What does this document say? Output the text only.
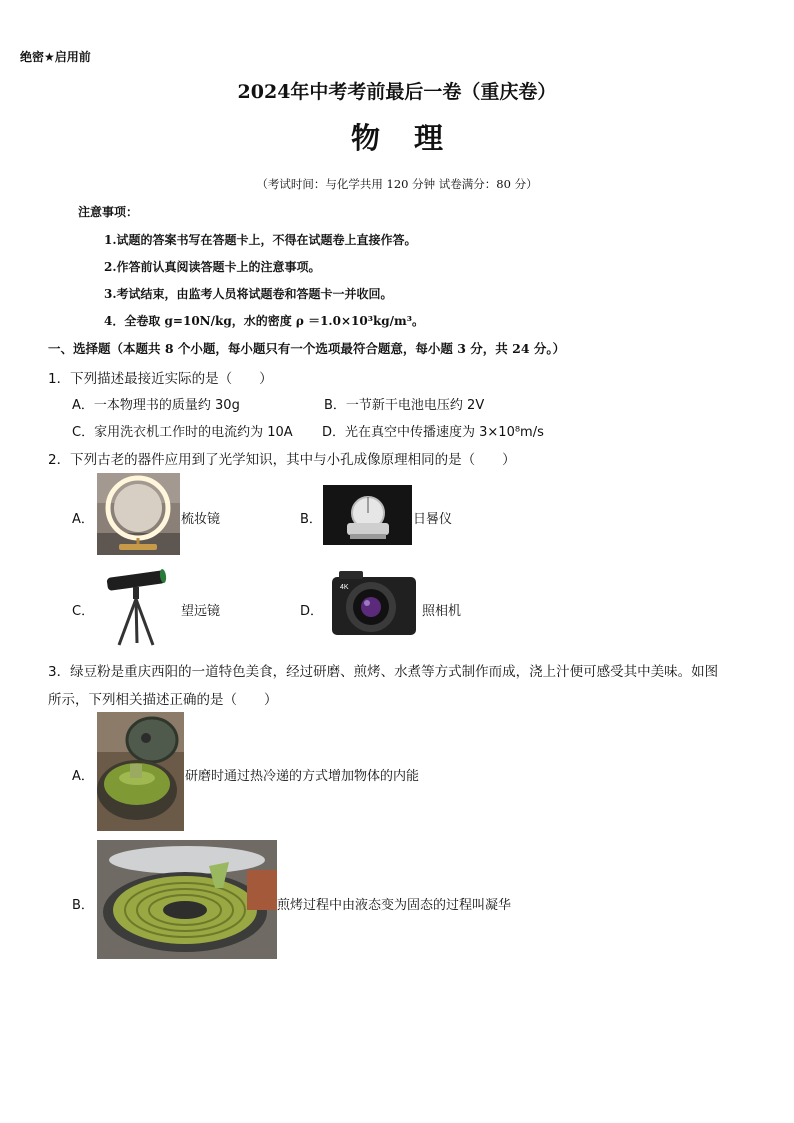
绝密★启用前
2024年中考考前最后一卷（重庆卷）
物理
（考试时间：与化学共用 120 分钟 试卷满分：80 分）
注意事项：
1.试题的答案书写在答题卡上，不得在试题卷上直接作答。
2.作答前认真阅读答题卡上的注意事项。
3.考试结束，由监考人员将试题卷和答题卡一并收回。
4．全卷取 g=10N/kg，水的密度 ρ ＝1.0×10³kg/m³。
一、选择题（本题共 8 个小题，每小题只有一个选项最符合题意，每小题 3 分，共 24 分。）
1．下列描述最接近实际的是（　　）
A．一本物理书的质量约 30g	B．一节新干电池电压约 2V
C．家用洗衣机工作时的电流约为 10A D．光在真空中传播速度为 3×10⁸m/s
2．下列古老的器件应用到了光学知识，其中与小孔成像原理相同的是（　　）
A．	梳妆镜	B．	日晷仪
C．	望远镜	D．
4K
照相机
3．绿豆粉是重庆西阳的一道特色美食，经过研磨、煎烤、水煮等方式制作而成，浇上汁便可感受其中美味。如图
所示，下列相关描述正确的是（　　）
A．	研磨时通过热冷递的方式增加物体的内能
B．	煎烤过程中由液态变为固态的过程叫凝华
